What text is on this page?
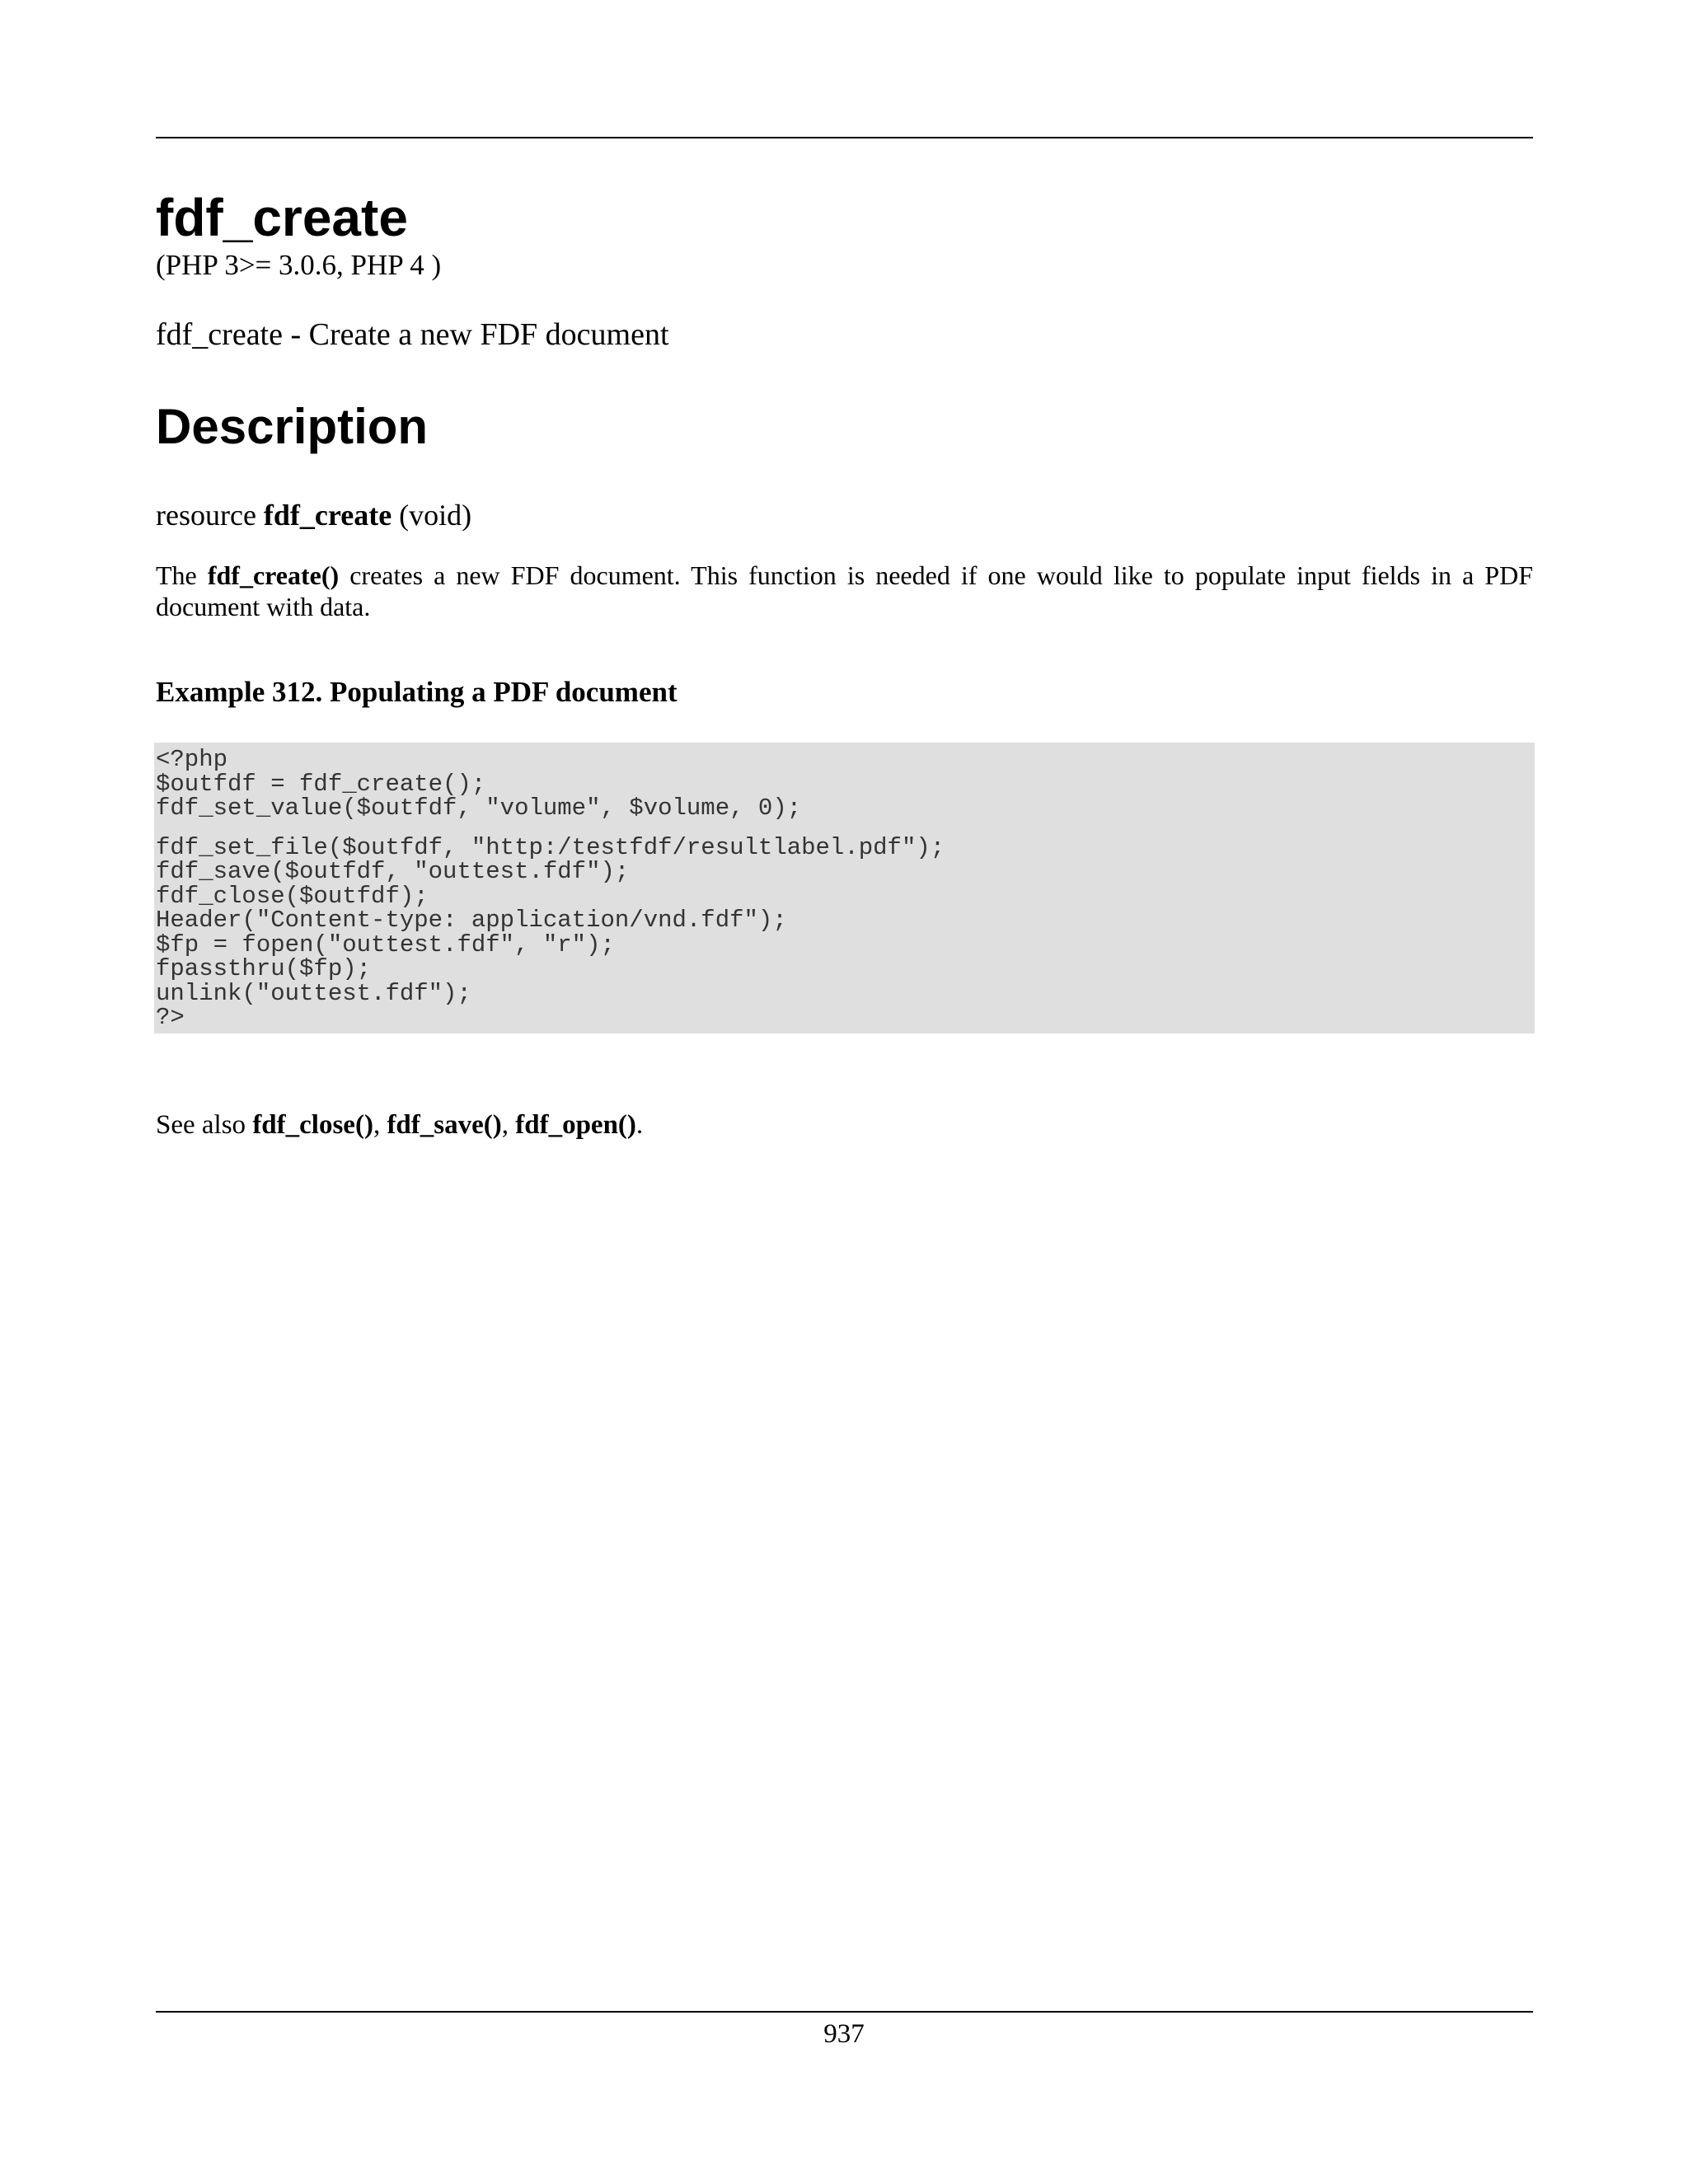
fdf_create
(PHP 3>= 3.0.6, PHP 4 )
fdf_create - Create a new FDF document
Description
resource fdf_create (void)

The fdf_create() creates a new FDF document. This function is needed if one would like to populate input fields in a PDF document with data.

Example 312. Populating a PDF document
<?php
$outfdf = fdf_create();
fdf_set_value($outfdf, "volume", $volume, 0);
fdf_set_file($outfdf, "http:/testfdf/resultlabel.pdf");
fdf_save($outfdf, "outtest.fdf");
fdf_close($outfdf);
Header("Content-type: application/vnd.fdf");
$fp = fopen("outtest.fdf", "r");
fpassthru($fp);
unlink("outtest.fdf");
?>

See also fdf_close(), fdf_save(), fdf_open().

937
